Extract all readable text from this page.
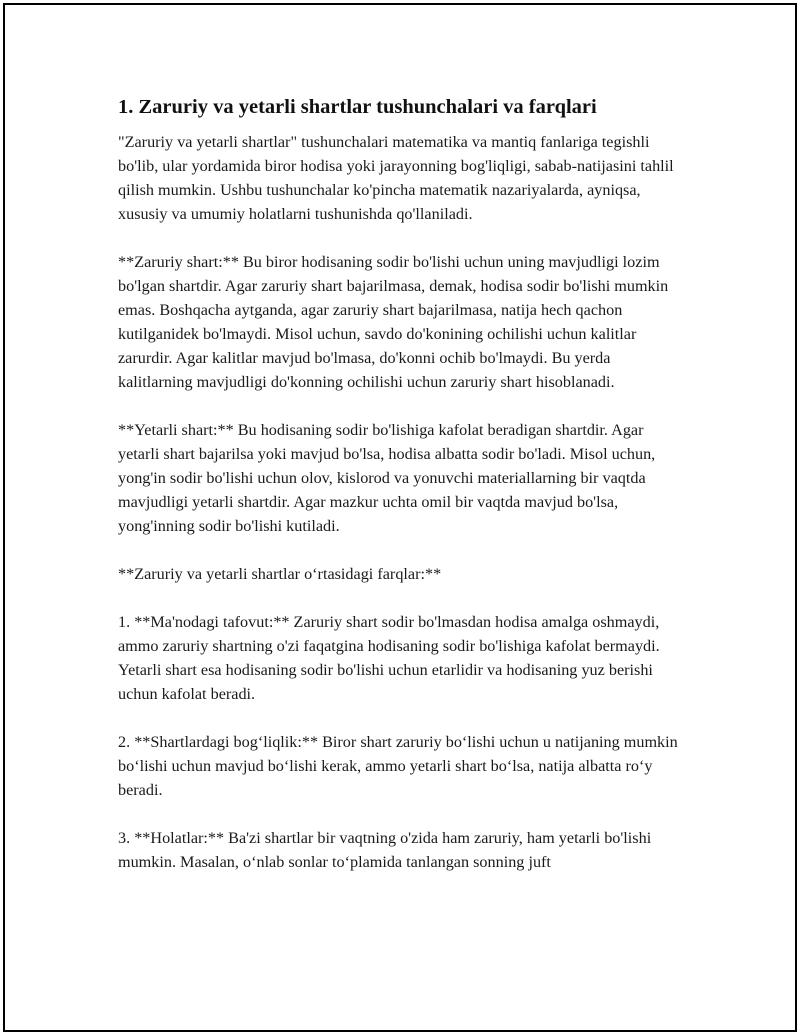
1. Zaruriy va yetarli shartlar tushunchalari va farqlari

"Zaruriy va yetarli shartlar" tushunchalari matematika va mantiq fanlariga tegishli bo'lib, ular yordamida biror hodisa yoki jarayonning bog'liqligi, sabab-natijasini tahlil qilish mumkin. Ushbu tushunchalar ko'pincha matematik nazariyalarda, ayniqsa, xususiy va umumiy holatlarni tushunishda qo'llaniladi.

**Zaruriy shart:** Bu biror hodisaning sodir bo'lishi uchun uning mavjudligi lozim bo'lgan shartdir. Agar zaruriy shart bajarilmasa, demak, hodisa sodir bo'lishi mumkin emas. Boshqacha aytganda, agar zaruriy shart bajarilmasa, natija hech qachon kutilganidek bo'lmaydi. Misol uchun, savdo do'konining ochilishi uchun kalitlar zarurdir. Agar kalitlar mavjud bo'lmasa, do'konni ochib bo'lmaydi. Bu yerda kalitlarning mavjudligi do'konning ochilishi uchun zaruriy shart hisoblanadi.

**Yetarli shart:** Bu hodisaning sodir bo'lishiga kafolat beradigan shartdir. Agar yetarli shart bajarilsa yoki mavjud bo'lsa, hodisa albatta sodir bo'ladi. Misol uchun, yong'in sodir bo'lishi uchun olov, kislorod va yonuvchi materiallarning bir vaqtda mavjudligi yetarli shartdir. Agar mazkur uchta omil bir vaqtda mavjud bo'lsa, yong'inning sodir bo'lishi kutiladi.

**Zaruriy va yetarli shartlar o‘rtasidagi farqlar:**

1. **Ma'nodagi tafovut:** Zaruriy shart sodir bo'lmasdan hodisa amalga oshmaydi, ammo zaruriy shartning o'zi faqatgina hodisaning sodir bo'lishiga kafolat bermaydi. Yetarli shart esa hodisaning sodir bo'lishi uchun etarlidir va hodisaning yuz berishi uchun kafolat beradi.

2. **Shartlardagi bog‘liqlik:** Biror shart zaruriy bo‘lishi uchun u natijaning mumkin bo‘lishi uchun mavjud bo‘lishi kerak, ammo yetarli shart bo‘lsa, natija albatta ro‘y beradi.

3. **Holatlar:** Ba'zi shartlar bir vaqtning o'zida ham zaruriy, ham yetarli bo'lishi mumkin. Masalan, o‘nlab sonlar to‘plamida tanlangan sonning juft
